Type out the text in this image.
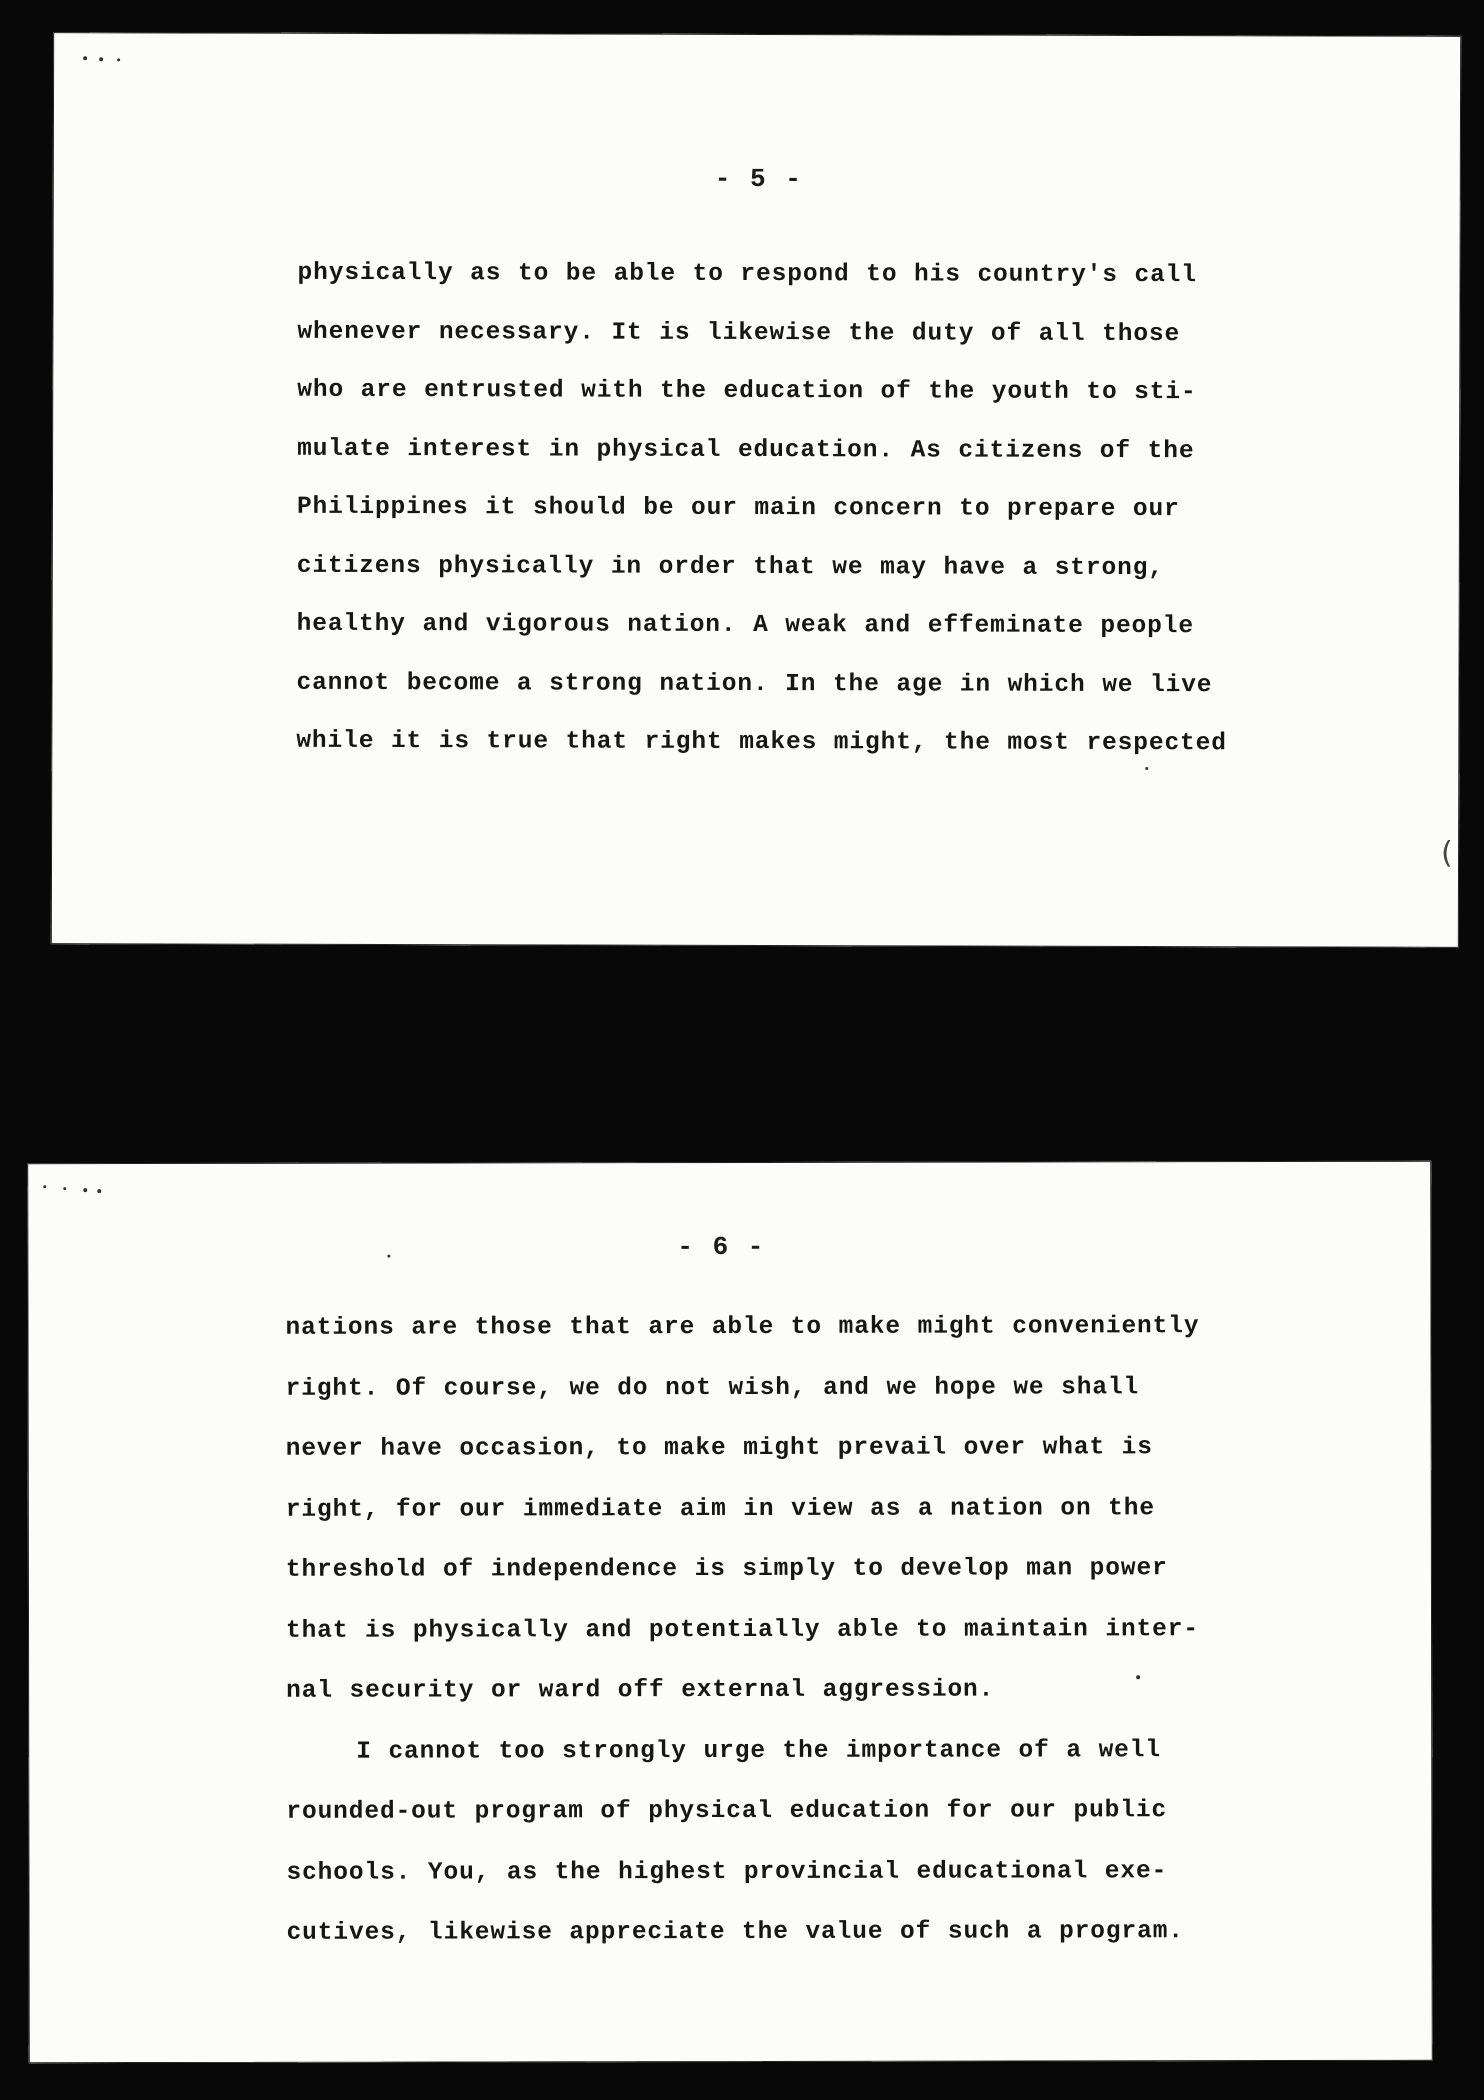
- 5 -
physically as to be able to respond to his country's call
whenever necessary. It is likewise the duty of all those
who are entrusted with the education of the youth to sti-
mulate interest in physical education. As citizens of the
Philippines it should be our main concern to prepare our
citizens physically in order that we may have a strong,
healthy and vigorous nation. A weak and effeminate people
cannot become a strong nation. In the age in which we live
while it is true that right makes might, the most respected
(
- 6 -
nations are those that are able to make might conveniently
right. Of course, we do not wish, and we hope we shall
never have occasion, to make might prevail over what is
right, for our immediate aim in view as a nation on the
threshold of independence is simply to develop man power
that is physically and potentially able to maintain inter-
nal security or ward off external aggression.
I cannot too strongly urge the importance of a well
rounded-out program of physical education for our public
schools. You, as the highest provincial educational exe-
cutives, likewise appreciate the value of such a program.
